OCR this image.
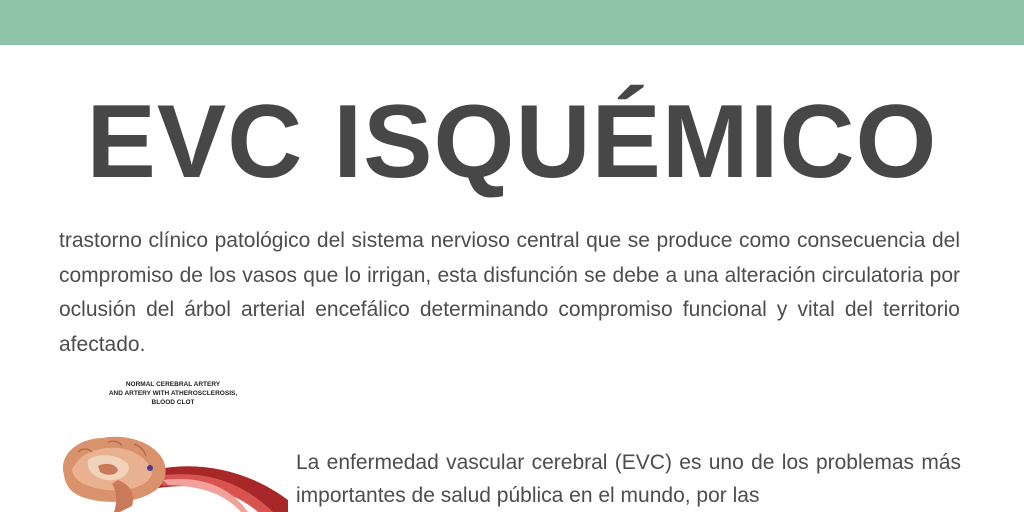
EVC ISQUÉMICO

trastorno clínico patológico del sistema nervioso central que se produce como consecuencia del compromiso de los vasos que lo irrigan, esta disfunción se debe a una alteración circulatoria por oclusión del árbol arterial encefálico determinando compromiso funcional y vital del territorio afectado.

NORMAL CEREBRAL ARTERY
AND ARTERY WITH ATHEROSCLEROSIS,
BLOOD CLOT

La enfermedad vascular cerebral (EVC) es uno de los problemas más importantes de salud pública en el mundo, por las
